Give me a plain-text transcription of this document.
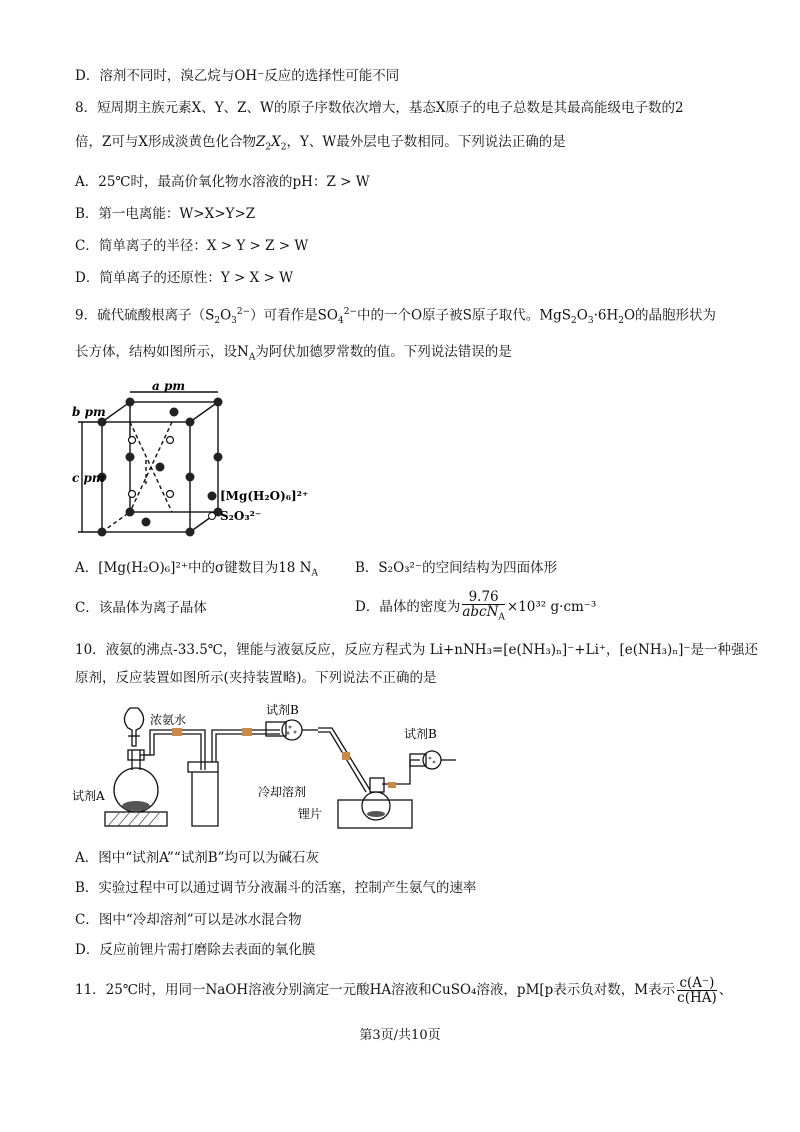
D．溶剂不同时，溴乙烷与OH⁻反应的选择性可能不同
8．短周期主族元素X、Y、Z、W的原子序数依次增大，基态X原子的电子总数是其最高能级电子数的2
倍，Z可与X形成淡黄色化合物$Z_2X_2$，Y、W最外层电子数相同。下列说法正确的是
A．25℃时，最高价氧化物水溶液的pH：Z > W
B．第一电离能：W>X>Y>Z
C．简单离子的半径：X > Y > Z > W
D．简单离子的还原性：Y > X > W
9．硫代硫酸根离子$(S_2O_3^{2-})$可看作是$SO_4^{2-}$中的一个O原子被S原子取代。$MgS_2O_3\cdot 6H_2O$的晶胞形状为
长方体，结构如图所示，设$N_A$为阿伏加德罗常数的值。下列说法错误的是
b pm
a pm
c pm
[Mg(H₂O)₆]²⁺
S₂O₃²⁻
A．[Mg(H₂O)₆]²⁺中的σ键数目为18 $N_A$	B．S₂O₃²⁻的空间结构为四面体形
C．该晶体为离子晶体	D．晶体的密度为 $\frac{9.76}{abcN_A} \times 10^{32}$ g·cm⁻³
10．液氨的沸点-33.5℃，锂能与液氨反应，反应方程式为 Li+nNH₃=[e(NH₃)ₙ]⁻+Li⁺，[e(NH₃)ₙ]⁻是一种强还
原剂，反应装置如图所示(夹持装置略)。下列说法不正确的是
浓氨水
试剂A
试剂B
试剂B
冷却溶剂
锂片
A．图中“试剂A”“试剂B”均可以为碱石灰
B．实验过程中可以通过调节分液漏斗的活塞，控制产生氨气的速率
C．图中“冷却溶剂”可以是冰水混合物
D．反应前锂片需打磨除去表面的氧化膜
11．25℃时，用同一NaOH溶液分别滴定一元酸HA溶液和CuSO₄溶液，pM[p表示负对数，M表示 $\frac{c(A^-)}{c(HA)}$ 、
第3页/共10页
